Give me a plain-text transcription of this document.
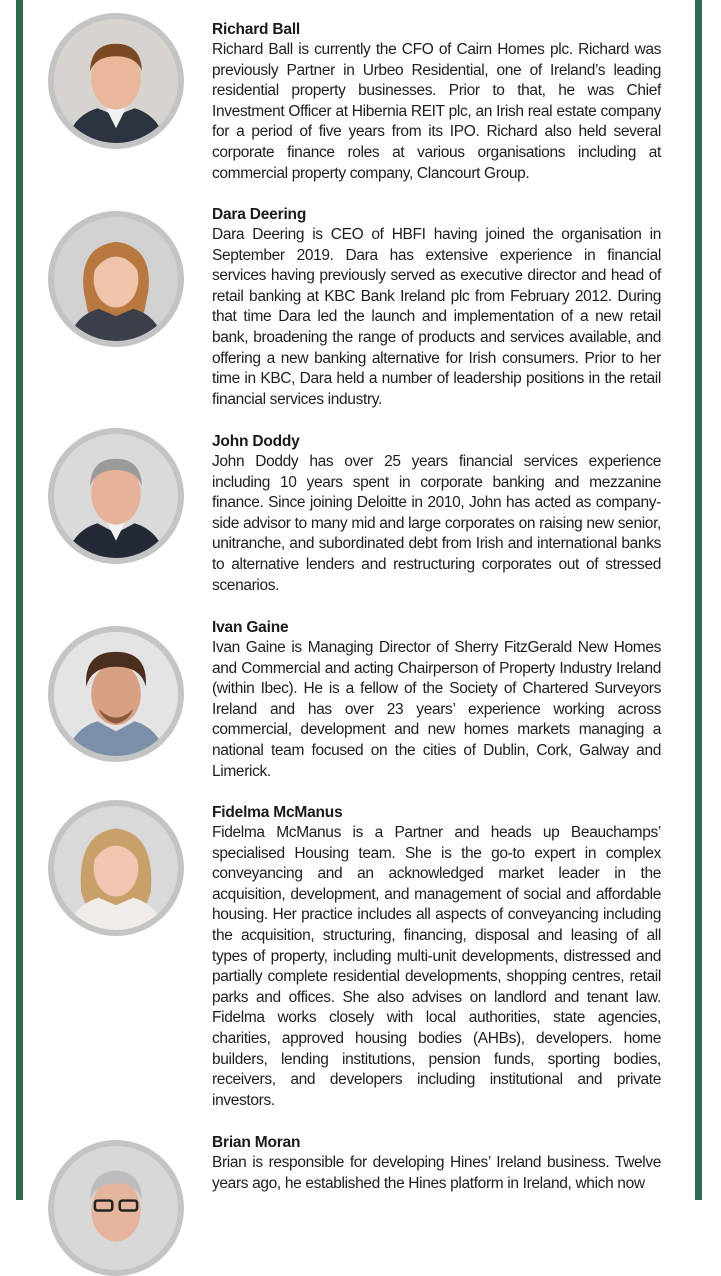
Richard Ball
Richard Ball is currently the CFO of Cairn Homes plc. Richard was previously Partner in Urbeo Residential, one of Ireland’s leading residential property businesses. Prior to that, he was Chief Investment Officer at Hibernia REIT plc, an Irish real estate company for a period of five years from its IPO. Richard also held several corporate finance roles at various organisations including at commercial property company, Clancourt Group.
Dara Deering
Dara Deering is CEO of HBFI having joined the organisation in September 2019. Dara has extensive experience in financial services having previously served as executive director and head of retail banking at KBC Bank Ireland plc from February 2012. During that time Dara led the launch and implementation of a new retail bank, broadening the range of products and services available, and offering a new banking alternative for Irish consumers. Prior to her time in KBC, Dara held a number of leadership positions in the retail financial services industry.
John Doddy
John Doddy has over 25 years financial services experience including 10 years spent in corporate banking and mezzanine finance. Since joining Deloitte in 2010, John has acted as company-side advisor to many mid and large corporates on raising new senior, unitranche, and subordinated debt from Irish and international banks to alternative lenders and restructuring corporates out of stressed scenarios.
Ivan Gaine
Ivan Gaine is Managing Director of Sherry FitzGerald New Homes and Commercial and acting Chairperson of Property Industry Ireland (within Ibec). He is a fellow of the Society of Chartered Surveyors Ireland and has over 23 years’ experience working across commercial, development and new homes markets managing a national team focused on the cities of Dublin, Cork, Galway and Limerick.
Fidelma McManus
Fidelma McManus is a Partner and heads up Beauchamps’ specialised Housing team. She is the go-to expert in complex conveyancing and an acknowledged market leader in the acquisition, development, and management of social and affordable housing. Her practice includes all aspects of conveyancing including the acquisition, structuring, financing, disposal and leasing of all types of property, including multi-unit developments, distressed and partially complete residential developments, shopping centres, retail parks and offices. She also advises on landlord and tenant law. Fidelma works closely with local authorities, state agencies, charities, approved housing bodies (AHBs), developers. home builders, lending institutions, pension funds, sporting bodies, receivers, and developers including institutional and private investors.
Brian Moran
Brian is responsible for developing Hines’ Ireland business. Twelve years ago, he established the Hines platform in Ireland, which now
